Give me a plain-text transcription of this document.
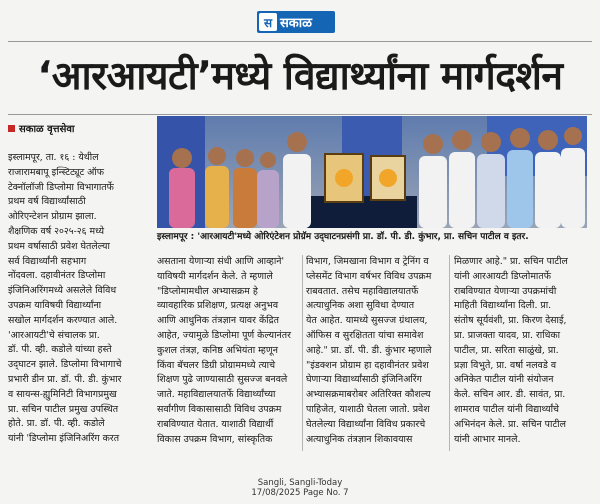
स सकाळ
‘आरआयटी’मध्ये विद्यार्थ्यांना मार्गदर्शन
सकाळ वृत्तसेवा
इस्लामपूर, ता. १६ : येथील
राजारामबापू इन्स्टिट्यूट ऑफ
टेक्नॉलॉजी डिप्लोमा विभागातर्फे
प्रथम वर्ष विद्यार्थ्यांसाठी
ओरिएन्टेशन प्रोग्राम झाला.
शैक्षणिक वर्ष २०२५-२६ मध्ये
प्रथम वर्षासाठी प्रवेश घेतलेल्या
सर्व विद्यार्थ्यांनी सहभाग
नोंदवला. दहावीनंतर डिप्लोमा
इंजिनिअरिंगमध्ये असलेले विविध
उपक्रम याविषयी विद्यार्थ्यांना
सखोल मार्गदर्शन करण्यात आले.
'आरआयटी'चे संचालक प्रा.
डॉ. पी. व्ही. कडोले यांच्या हस्ते
उद्‌घाटन झाले. डिप्लोमा विभागाचे
प्रभारी डीन प्रा. डॉ. पी. डी. कुंभार
व सायन्स-ह्युमिनिटी विभागप्रमुख
प्रा. सचिन पाटील प्रमुख उपस्थित
होते. प्रा. डॉ. पी. व्ही. कडोले
यांनी 'डिप्लोमा इंजिनिअरिंग करत
इस्लामपूर : 'आरआयटी'मध्ये ओरिएंटेशन प्रोग्रॅम उद्‌घाटनप्रसंगी प्रा. डॉ. पी. डी. कुंभार, प्रा. सचिन पाटील व इतर.
असताना येणाऱ्या संधी आणि आव्हाने'
याविषयी मार्गदर्शन केले. ते म्हणाले
"डिप्लोमामधील अभ्यासक्रम हे
व्यावहारिक प्रशिक्षण, प्रत्यक्ष अनुभव
आणि आधुनिक तंत्रज्ञान यावर केंद्रित
आहेत, ज्यामुळे डिप्लोमा पूर्ण केल्यानंतर
कुशल तंत्रज्ञ, कनिष्ठ अभियंता म्हणून
किंवा बॅचलर डिग्री प्रोग्राममध्ये त्याचे
शिक्षण पुढे जाण्यासाठी सुसज्ज बनवले
जाते. महाविद्यालयातर्फे विद्यार्थ्यांच्या
सर्वांगीण विकासासाठी विविध उपक्रम
राबविण्यात येतात. याशाठी विद्यार्थी
विकास उपक्रम विभाग, सांस्कृतिक
विभाग, जिमखाना विभाग व ट्रेनिंग व
प्लेसमेंट विभाग वर्षभर विविध उपक्रम
राबवतात. तसेच महाविद्यालयातर्फे
अत्याधुनिक अशा सुविधा देण्यात
येत आहेत. यामध्ये सुसज्ज ग्रंथालय,
ऑफिस व सुरक्षितता यांचा समावेश
आहे." प्रा. डॉ. पी. डी. कुंभार म्हणाले
"इंडक्शन प्रोग्राम हा दहावीनंतर प्रवेश
घेणाऱ्या विद्यार्थ्यांसाठी इंजिनिअरिंग
अभ्यासक्रमाबरोबर अतिरिक्त कौशल्य
पाहिजेत, याशाठी घेतला जातो. प्रवेश
घेतलेल्या विद्यार्थ्यांना विविध प्रकारचे
अत्याधुनिक तंत्रज्ञान शिकावयास
मिळणार आहे." प्रा. सचिन पाटील
यांनी आरआयटी डिप्लोमातर्फे
राबविण्यात येणाऱ्या उपक्रमांची
माहिती विद्यार्थ्यांना दिली. प्रा.
संतोष सूर्यवंशी, प्रा. किरण देसाई,
प्रा. प्राजक्ता यादव, प्रा. राधिका
पाटील, प्रा. सरिता साळुंखे, प्रा.
प्रज्ञा विभुते, प्रा. वर्षा नलवडे व
अनिकेत पाटील यांनी संयोजन
केले. सचिन आर. डी. सावंत, प्रा.
शामराव पाटील यांनी विद्यार्थ्यांचे
अभिनंदन केले. प्रा. सचिन पाटील
यांनी आभार मानले.
Sangli, Sangli-Today
17/08/2025 Page No. 7
